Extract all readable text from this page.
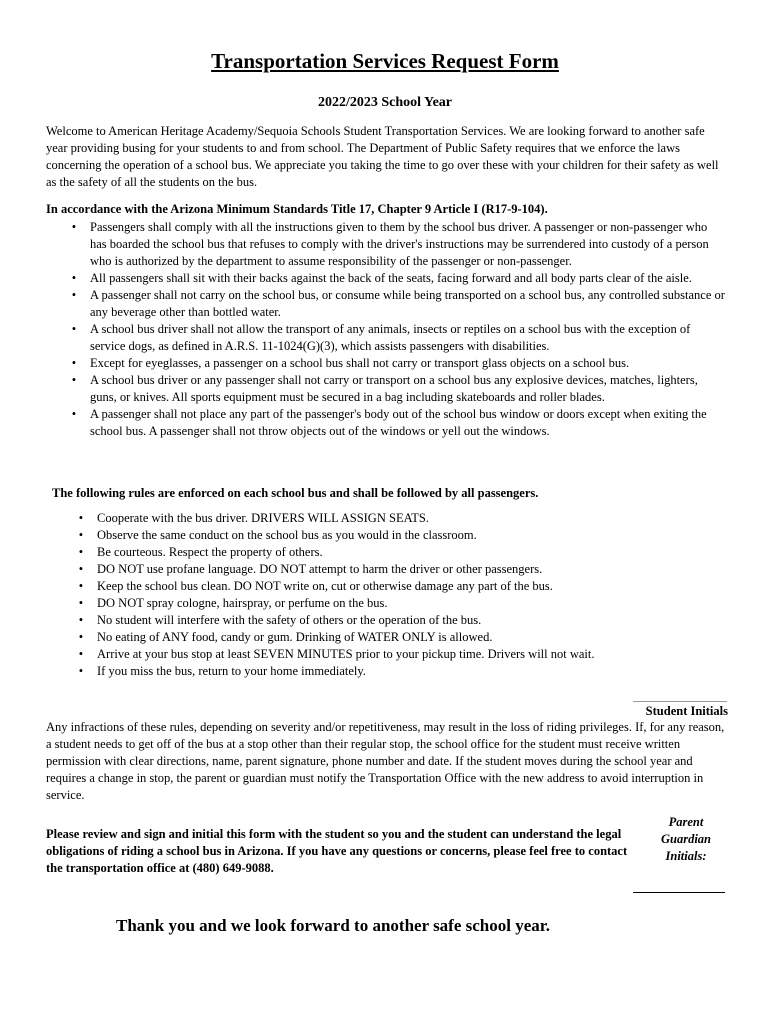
Transportation Services Request Form
2022/2023 School Year

Welcome to American Heritage Academy/Sequoia Schools Student Transportation Services. We are looking forward to another safe year providing busing for your students to and from school. The Department of Public Safety requires that we enforce the laws concerning the operation of a school bus. We appreciate you taking the time to go over these with your children for their safety as well as the safety of all the students on the bus.

In accordance with the Arizona Minimum Standards Title 17, Chapter 9 Article I (R17-9-104).

•	Passengers shall comply with all the instructions given to them by the school bus driver. A passenger or non-passenger who has boarded the school bus that refuses to comply with the driver's instructions may be surrendered into custody of a person who is authorized by the department to assume responsibility of the passenger or non-passenger.
•	All passengers shall sit with their backs against the back of the seats, facing forward and all body parts clear of the aisle.
•	A passenger shall not carry on the school bus, or consume while being transported on a school bus, any controlled substance or any beverage other than bottled water.
•	A school bus driver shall not allow the transport of any animals, insects or reptiles on a school bus with the exception of service dogs, as defined in A.R.S. 11-1024(G)(3), which assists passengers with disabilities.
•	Except for eyeglasses, a passenger on a school bus shall not carry or transport glass objects on a school bus.
•	A school bus driver or any passenger shall not carry or transport on a school bus any explosive devices, matches, lighters, guns, or knives. All sports equipment must be secured in a bag including skateboards and roller blades.
•	A passenger shall not place any part of the passenger's body out of the school bus window or doors except when exiting the school bus. A passenger shall not throw objects out of the windows or yell out the windows.

The following rules are enforced on each school bus and shall be followed by all passengers.

•	Cooperate with the bus driver. DRIVERS WILL ASSIGN SEATS.
•	Observe the same conduct on the school bus as you would in the classroom.
•	Be courteous. Respect the property of others.
•	DO NOT use profane language. DO NOT attempt to harm the driver or other passengers.
•	Keep the school bus clean. DO NOT write on, cut or otherwise damage any part of the bus.
•	DO NOT spray cologne, hairspray, or perfume on the bus.
•	No student will interfere with the safety of others or the operation of the bus.
•	No eating of ANY food, candy or gum. Drinking of WATER ONLY is allowed.
•	Arrive at your bus stop at least SEVEN MINUTES prior to your pickup time. Drivers will not wait.
•	If you miss the bus, return to your home immediately.
Student Initials

Any infractions of these rules, depending on severity and/or repetitiveness, may result in the loss of riding privileges. If, for any reason, a student needs to get off of the bus at a stop other than their regular stop, the school office for the student must receive written permission with clear directions, name, parent signature, phone number and date. If the student moves during the school year and requires a change in stop, the parent or guardian must notify the Transportation Office with the new address to avoid interruption in service.

Please review and sign and initial this form with the student so you and the student can understand the legal obligations of riding a school bus in Arizona. If you have any questions or concerns, please feel free to contact the transportation office at (480) 649-9088.

Parent
Guardian
Initials:
Thank you and we look forward to another safe school year.
